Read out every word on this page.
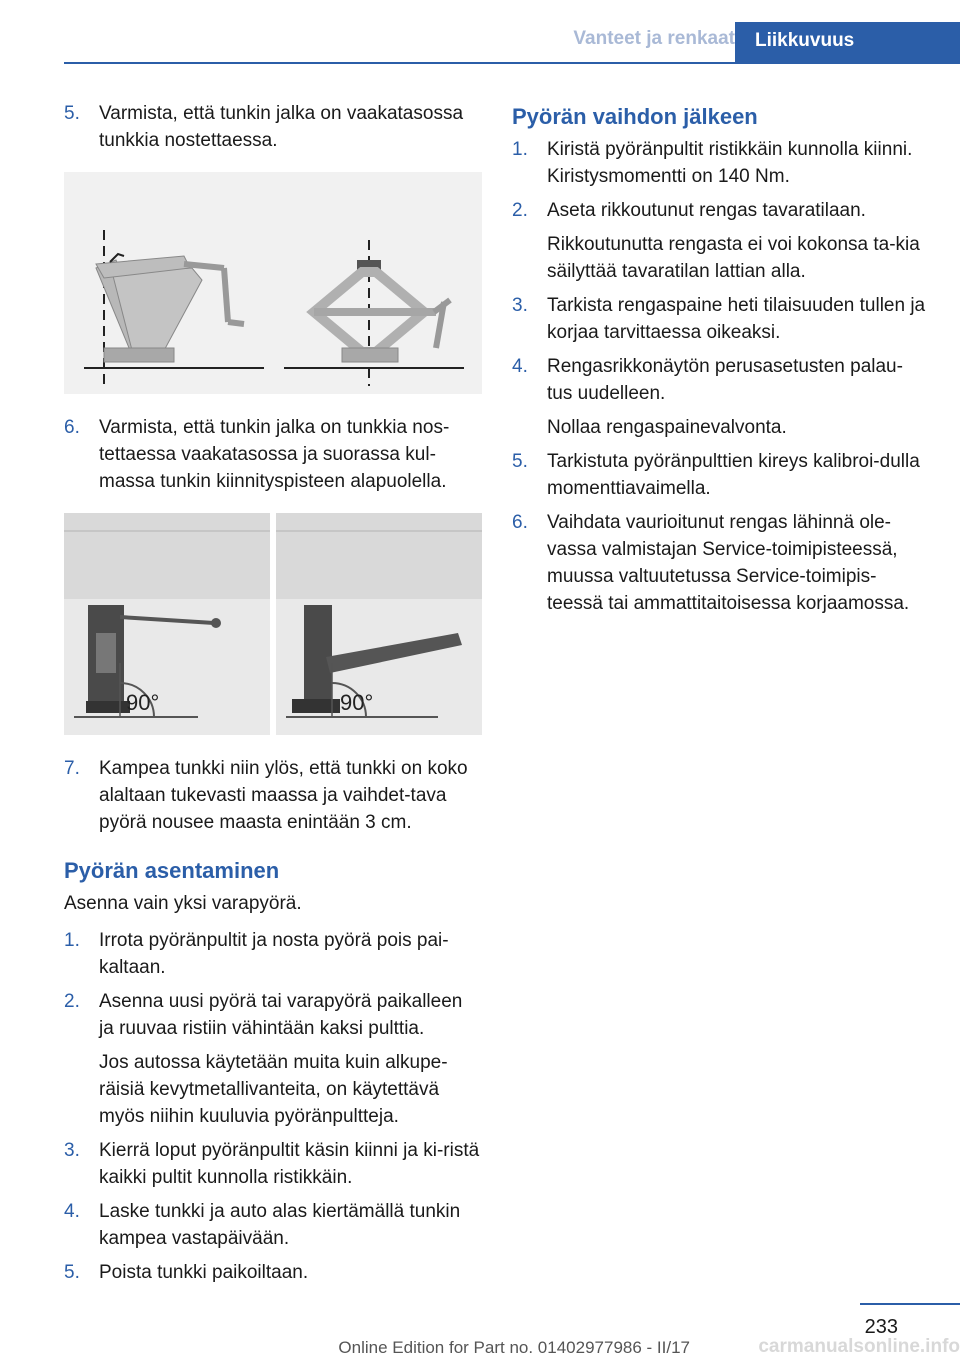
Vanteet ja renkaat	Liikkuvuus
5.	Varmista, että tunkin jalka on vaakatasossa tunkkia nostettaessa.
6.	Varmista, että tunkin jalka on tunkkia nos‐tettaessa vaakatasossa ja suorassa kul‐massa tunkin kiinnityspisteen alapuolella.
90°	90°
7.	Kampea tunkki niin ylös, että tunkki on koko alaltaan tukevasti maassa ja vaihdet‐tava pyörä nousee maasta enintään 3 cm.
Pyörän asentaminen
Asenna vain yksi varapyörä.
1.	Irrota pyöränpultit ja nosta pyörä pois pai‐kaltaan.
2.	Asenna uusi pyörä tai varapyörä paikalleen ja ruuvaa ristiin vähintään kaksi pulttia.
Jos autossa käytetään muita kuin alkupe‐räisiä kevytmetallivanteita, on käytettävä myös niihin kuuluvia pyöränpultteja.
3.	Kierrä loput pyöränpultit käsin kiinni ja ki‐ristä kaikki pultit kunnolla ristikkäin.
4.	Laske tunkki ja auto alas kiertämällä tunkin kampea vastapäivään.
5.	Poista tunkki paikoiltaan.
Pyörän vaihdon jälkeen
1.	Kiristä pyöränpultit ristikkäin kunnolla kiinni. Kiristysmomentti on 140 Nm.
2.	Aseta rikkoutunut rengas tavaratilaan.
Rikkoutunutta rengasta ei voi kokonsa ta‐kia säilyttää tavaratilan lattian alla.
3.	Tarkista rengaspaine heti tilaisuuden tullen ja korjaa tarvittaessa oikeaksi.
4.	Rengasrikkonäytön perusasetusten palau‐tus uudelleen.
Nollaa rengaspainevalvonta.
5.	Tarkistuta pyöränpulttien kireys kalibroi‐dulla momenttiavaimella.
6.	Vaihdata vaurioitunut rengas lähinnä ole‐vassa valmistajan Service-toimipisteessä, muussa valtuutetussa Service-toimipis‐teessä tai ammattitaitoisessa korjaamossa.
233
Online Edition for Part no. 01402977986 - II/17	carmanualsonline.info
